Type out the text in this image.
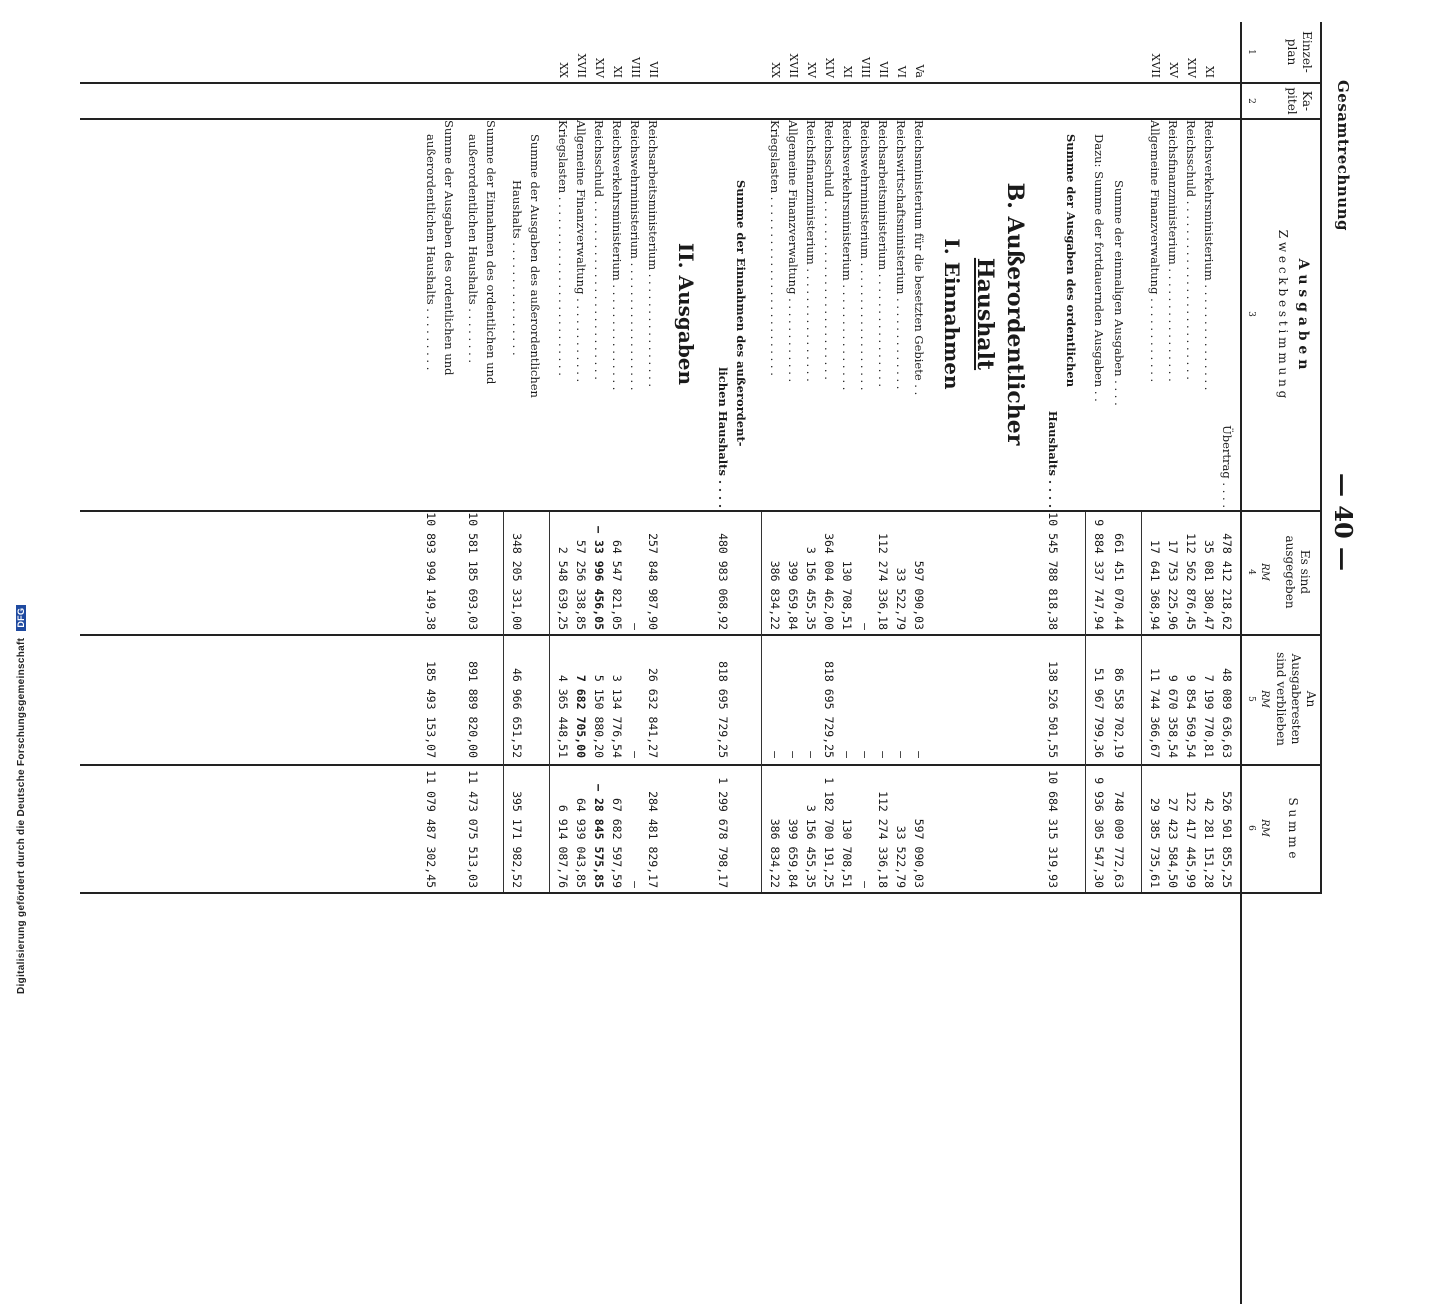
Gesamtrechnung
— 40 —
Einzel-
plan
Ka-
pitel
A u s g a b e n
Z w e c k b e s t i m m u n g
Es sind
ausgegeben
An
Ausgaberesten
sind verblieben
S u m m e
1
2
3
4
5
6
RM
RM
RM
Übertrag . . . .
478 412 218,62
48 089 636,63
526 501 855,25
XI
Reichsverkehrsministerium . . . . . . . . . . . . . . .
35 081 380,47
7 199 770,81
42 281 151,28
XIV
Reichsschuld . . . . . . . . . . . . . . . . . . . . . . . . .
112 562 876,45
9 854 569,54
122 417 445,99
XV
Reichsfinanzministerium . . . . . . . . . . . . . . . .
17 753 225,96
9 670 358,54
27 423 584,50
XVII
Allgemeine Finanzverwaltung . . . . . . . . . . . .
17 641 368,94
11 744 366,67
29 385 735,61
Summe der einmaligen Ausgaben . . . .
661 451 070,44
86 558 702,19
748 009 772,63
Dazu: Summe der fortdauernden Ausgaben . .
9 884 337 747,94
51 967 799,36
9 936 305 547,30
Summe der Ausgaben des ordentlichen
Haushalts . . . .
10 545 788 818,38
138 526 501,55
10 684 315 319,93
B. Außerordentlicher
Haushalt
I. Einnahmen
Va
Reichsministerium für die besetzten Gebiete . .
597 090,03
—
597 090,03
VI
Reichswirtschaftsministerium . . . . . . . . . . . . .
33 522,79
—
33 522,79
VII
Reichsarbeitsministerium . . . . . . . . . . . . . . . .
112 274 336,18
—
112 274 336,18
VIII
Reichswehrministerium . . . . . . . . . . . . . . . . . .
—
—
—
XI
Reichsverkehrsministerium . . . . . . . . . . . . . . .
130 708,51
—
130 708,51
XIV
Reichsschuld . . . . . . . . . . . . . . . . . . . . . . . . .
364 004 462,00
818 695 729,25
1 182 700 191,25
XV
Reichsfinanzministerium . . . . . . . . . . . . . . . .
3 156 455,35
—
3 156 455,35
XVII
Allgemeine Finanzverwaltung . . . . . . . . . . . .
399 659,84
—
399 659,84
XX
Kriegslasten . . . . . . . . . . . . . . . . . . . . . . . . .
386 834,22
—
386 834,22
Summe der Einnahmen des außerordent-
lichen Haushalts . . . .
480 983 068,92
818 695 729,25
1 299 678 798,17
II. Ausgaben
VII
Reichsarbeitsministerium . . . . . . . . . . . . . . . .
257 848 987,90
26 632 841,27
284 481 829,17
VIII
Reichswehrministerium . . . . . . . . . . . . . . . . . .
—
—
—
XI
Reichsverkehrsministerium . . . . . . . . . . . . . . .
64 547 821,05
3 134 776,54
67 682 597,59
XIV
Reichsschuld . . . . . . . . . . . . . . . . . . . . . . . . .
— 33 996 456,05
5 150 880,20
— 28 845 575,85
XVII
Allgemeine Finanzverwaltung . . . . . . . . . . . .
57 256 338,85
7 682 705,00
64 939 043,85
XX
Kriegslasten . . . . . . . . . . . . . . . . . . . . . . . . .
2 548 639,25
4 365 448,51
6 914 087,76
Summe der Ausgaben des außerordentlichen
Haushalts . . . . . . . . . . . . . . . .
348 205 331,00
46 966 651,52
395 171 982,52
Summe der Einnahmen des ordentlichen und
außerordentlichen Haushalts . . . . . . . .
10 581 185 693,03
891 889 820,00
11 473 075 513,03
Summe der Ausgaben des ordentlichen und
außerordentlichen Haushalts . . . . . . . . .
10 893 994 149,38
185 493 153,07
11 079 487 302,45
Digitalisierung gefördert durch die Deutsche Forschungsgemeinschaft DFG
